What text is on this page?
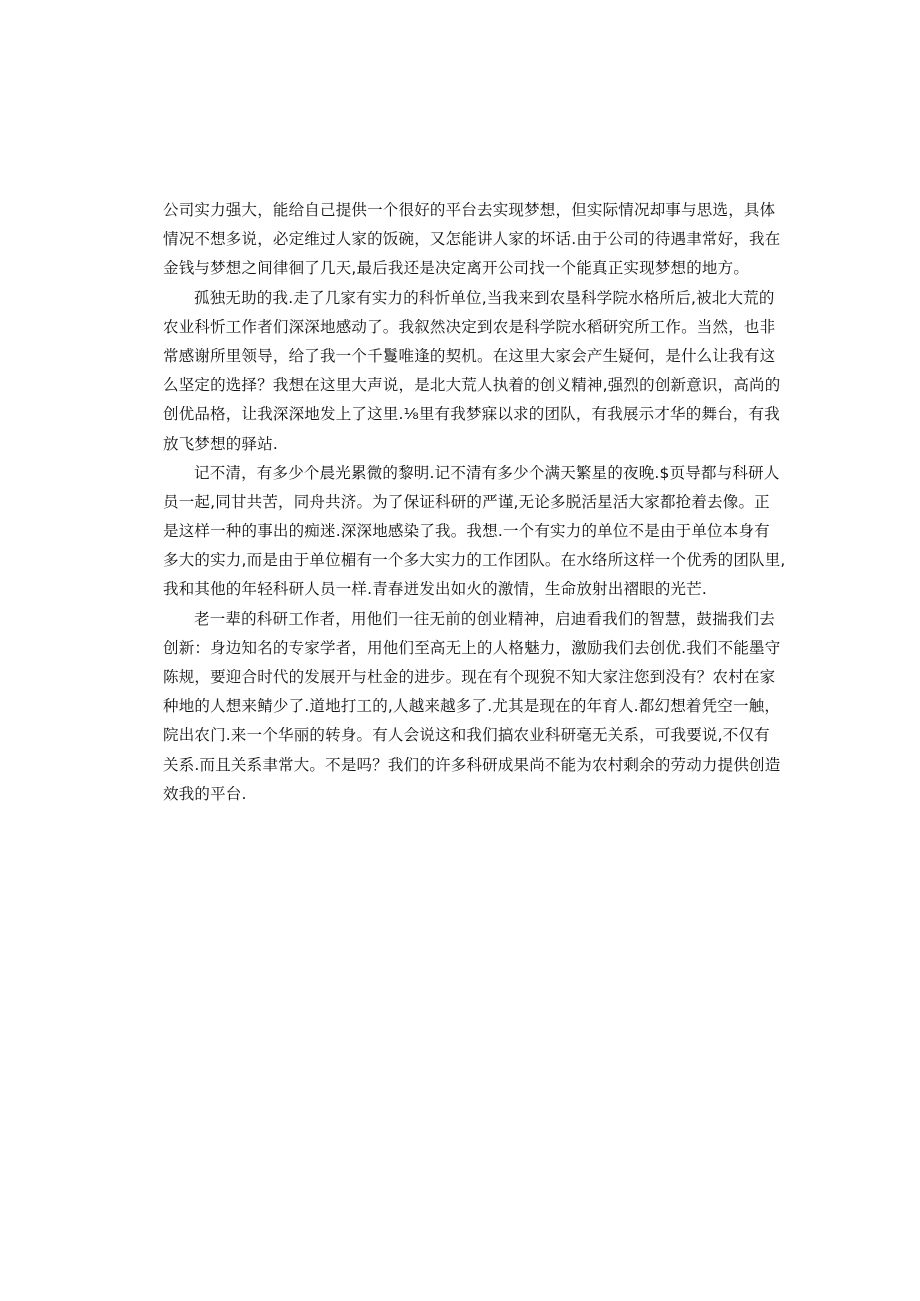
公司实力强大，能给自己提供一个很好的平台去实现梦想，但实际情况却事与思选，具体
情况不想多说，必定维过人家的饭碗，又怎能讲人家的坏话.由于公司的待遇聿常好，我在
金钱与梦想之间律徊了几天,最后我还是决定离开公司找一个能真正实现梦想的地方。

孤独无助的我.走了几家有实力的科忻单位,当我来到农垦科学院水格所后,被北大荒的
农业科忻工作者们深深地感动了。我叙然决定到农是科学院水稻研究所工作。当然，也非
常感谢所里领导，给了我一个千鬘唯逢的契机。在这里大家会产生疑何，是什么让我有这
么坚定的选择？我想在这里大声说，是北大荒人执着的创义精神,强烈的创新意识，高尚的
创优品格，让我深深地发上了这里.⅛里有我梦寐以求的团队，有我展示才华的舞台，有我
放飞梦想的驿站.

记不清，有多少个晨光累微的黎明.记不清有多少个满天繁星的夜晚.$页导都与科研人
员一起,同甘共苦，同舟共济。为了保证科研的严谨,无论多脱活星活大家都抢着去像。正
是这样一种的事出的痴迷.深深地感染了我。我想.一个有实力的单位不是由于单位本身有
多大的实力,而是由于单位楣有一个多大实力的工作团队。在水络所这样一个优秀的团队里,
我和其他的年轻科研人员一样.青春迸发出如火的激情，生命放射出褶眼的光芒.

老一辈的科研工作者，用他们一往无前的创业精神，启迪看我们的智慧，鼓揣我们去
创新：身边知名的专家学者，用他们至高无上的人格魅力，激励我们去创优.我们不能墨守
陈规，要迎合时代的发展开与杜金的进步。现在有个现猊不知大家注您到没有？农村在家
种地的人想来鲭少了.道地打工的,人越来越多了.尤其是现在的年育人.都幻想着凭空一触，
院出农门.来一个华丽的转身。有人会说这和我们搞农业科研毫无关系，可我要说,不仅有
关系.而且关系聿常大。不是吗？我们的许多科研成果尚不能为农村剩余的劳动力提供创造
效我的平台.
